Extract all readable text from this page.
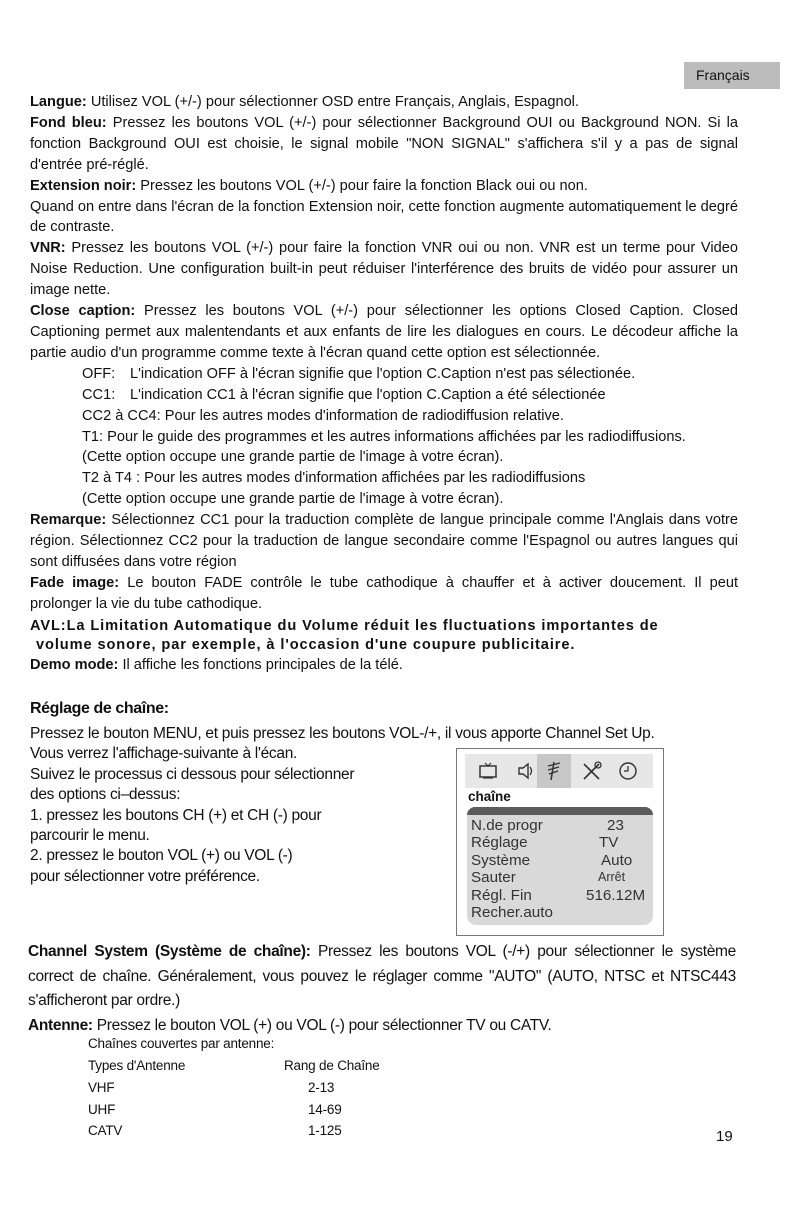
Français

Langue: Utilisez VOL (+/-) pour sélectionner OSD entre Français, Anglais, Espagnol.

Fond bleu: Pressez les boutons VOL (+/-) pour sélectionner Background OUI ou Background NON. Si la fonction Background OUI est choisie, le signal mobile "NON SIGNAL" s'affichera s'il y a pas de signal d'entrée pré-réglé.

Extension noir: Pressez les boutons VOL (+/-) pour faire la fonction Black oui ou non.

Quand on entre dans l'écran de la fonction Extension noir, cette fonction augmente automatiquement le degré de contraste.

VNR: Pressez les boutons VOL (+/-) pour faire la fonction VNR oui ou non. VNR est un terme pour Video Noise Reduction. Une configuration built-in peut réduiser l'interférence des bruits de vidéo pour assurer un image nette.

Close caption: Pressez les boutons VOL (+/-) pour sélectionner les options Closed Caption. Closed Captioning permet aux malentendants et aux enfants de lire les dialogues en cours. Le décodeur affiche la partie audio d'un programme comme texte à l'écran quand cette option est sélectionnée.

OFF: L'indication OFF à l'écran signifie que l'option C.Caption n'est pas sélectionée.

CC1: L'indication CC1 à l'écran signifie que l'option C.Caption a été sélectionée

CC2 à CC4: Pour les autres modes d'information de radiodiffusion relative.

T1: Pour le guide des programmes et les autres informations affichées par les radiodiffusions.

(Cette option occupe une grande partie de l'image à votre écran).

T2 à T4 : Pour les autres modes d'information affichées par les radiodiffusions

(Cette option occupe une grande partie de l'image à votre écran).

Remarque: Sélectionnez CC1 pour la traduction complète de langue principale comme l'Anglais dans votre région. Sélectionnez CC2 pour la traduction de langue secondaire comme l'Espagnol ou autres langues qui sont diffusées dans votre région

Fade image: Le bouton FADE contrôle le tube cathodique à chauffer et à activer doucement. Il peut prolonger la vie du tube cathodique.

AVL:La Limitation Automatique du Volume réduit les fluctuations importantes de
volume sonore, par exemple, à l'occasion d'une coupure publicitaire.

Demo mode: Il affiche les fonctions principales de la télé.

Réglage de chaîne:

Pressez le bouton MENU, et puis pressez les boutons VOL-/+, il vous apporte Channel Set Up.

Vous verrez l'affichage-suivante à l'écan.

Suivez le processus ci dessous pour sélectionner

des options ci–dessus:

1. pressez les boutons CH (+) et CH (-) pour

parcourir le menu.

2. pressez le bouton VOL (+) ou VOL (-)

pour sélectionner votre préférence.

chaîne
N.de progr	23
Réglage	TV
Système	Auto
Sauter	Arrêt
Régl. Fin	516.12M
Recher.auto

Channel System (Système de chaîne): Pressez les boutons VOL (-/+) pour sélectionner le système correct de chaîne. Généralement, vous pouvez le réglager comme "AUTO" (AUTO, NTSC et NTSC443 s'afficheront par ordre.)

Antenne: Pressez le bouton VOL (+) ou VOL (-) pour sélectionner TV ou CATV.

Chaînes couvertes par antenne:
Types d'Antenne	Rang de Chaîne
VHF	2-13
UHF	14-69
CATV	1-125	19
